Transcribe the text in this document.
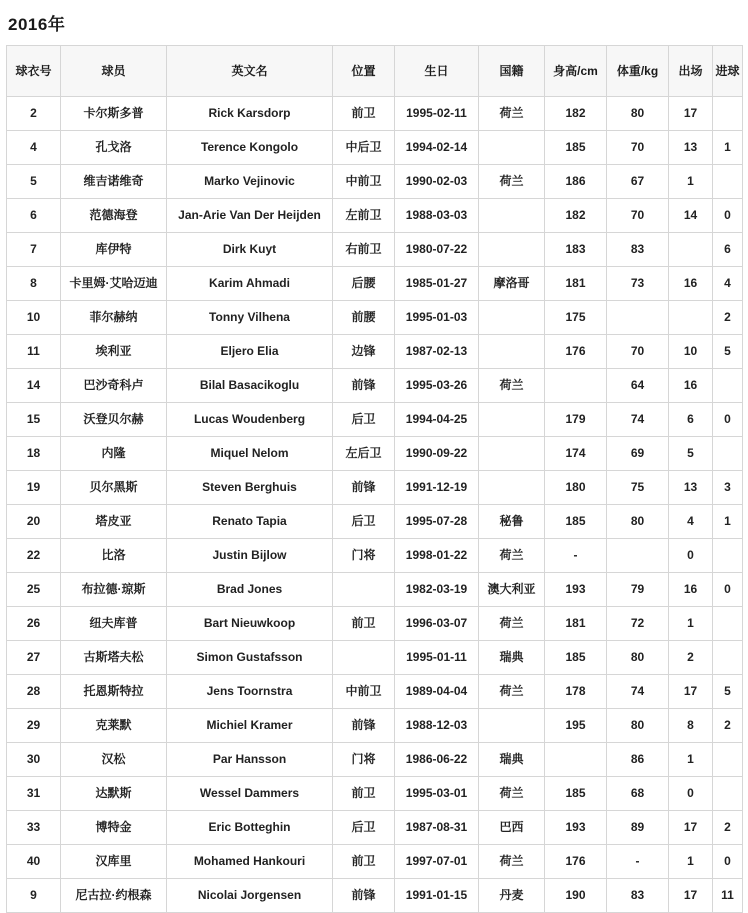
2016年
球衣号	球员	英文名	位置	生日	国籍	身高/cm	体重/kg	出场	进球
2	卡尔斯多普	Rick Karsdorp	前卫	1995-02-11	荷兰	182	80	17	
4	孔戈洛	Terence Kongolo	中后卫	1994-02-14		185	70	13	1
5	维吉诺维奇	Marko Vejinovic	中前卫	1990-02-03	荷兰	186	67	1	
6	范德海登	Jan-Arie Van Der Heijden	左前卫	1988-03-03		182	70	14	0
7	库伊特	Dirk Kuyt	右前卫	1980-07-22		183	83		6
8	卡里姆·艾哈迈迪	Karim Ahmadi	后腰	1985-01-27	摩洛哥	181	73	16	4
10	菲尔赫纳	Tonny Vilhena	前腰	1995-01-03		175			2
11	埃利亚	Eljero Elia	边锋	1987-02-13		176	70	10	5
14	巴沙奇科卢	Bilal Basacikoglu	前锋	1995-03-26	荷兰		64	16	
15	沃登贝尔赫	Lucas Woudenberg	后卫	1994-04-25		179	74	6	0
18	内隆	Miquel Nelom	左后卫	1990-09-22		174	69	5	
19	贝尔黑斯	Steven Berghuis	前锋	1991-12-19		180	75	13	3
20	塔皮亚	Renato Tapia	后卫	1995-07-28	秘鲁	185	80	4	1
22	比洛	Justin Bijlow	门将	1998-01-22	荷兰	-		0	
25	布拉德·琼斯	Brad Jones		1982-03-19	澳大利亚	193	79	16	0
26	纽夫库普	Bart Nieuwkoop	前卫	1996-03-07	荷兰	181	72	1	
27	古斯塔夫松	Simon Gustafsson		1995-01-11	瑞典	185	80	2	
28	托恩斯特拉	Jens Toornstra	中前卫	1989-04-04	荷兰	178	74	17	5
29	克莱默	Michiel Kramer	前锋	1988-12-03		195	80	8	2
30	汉松	Par Hansson	门将	1986-06-22	瑞典		86	1	
31	达默斯	Wessel Dammers	前卫	1995-03-01	荷兰	185	68	0	
33	博特金	Eric Botteghin	后卫	1987-08-31	巴西	193	89	17	2
40	汉库里	Mohamed Hankouri	前卫	1997-07-01	荷兰	176	-	1	0
9	尼古拉·约根森	Nicolai Jorgensen	前锋	1991-01-15	丹麦	190	83	17	11
